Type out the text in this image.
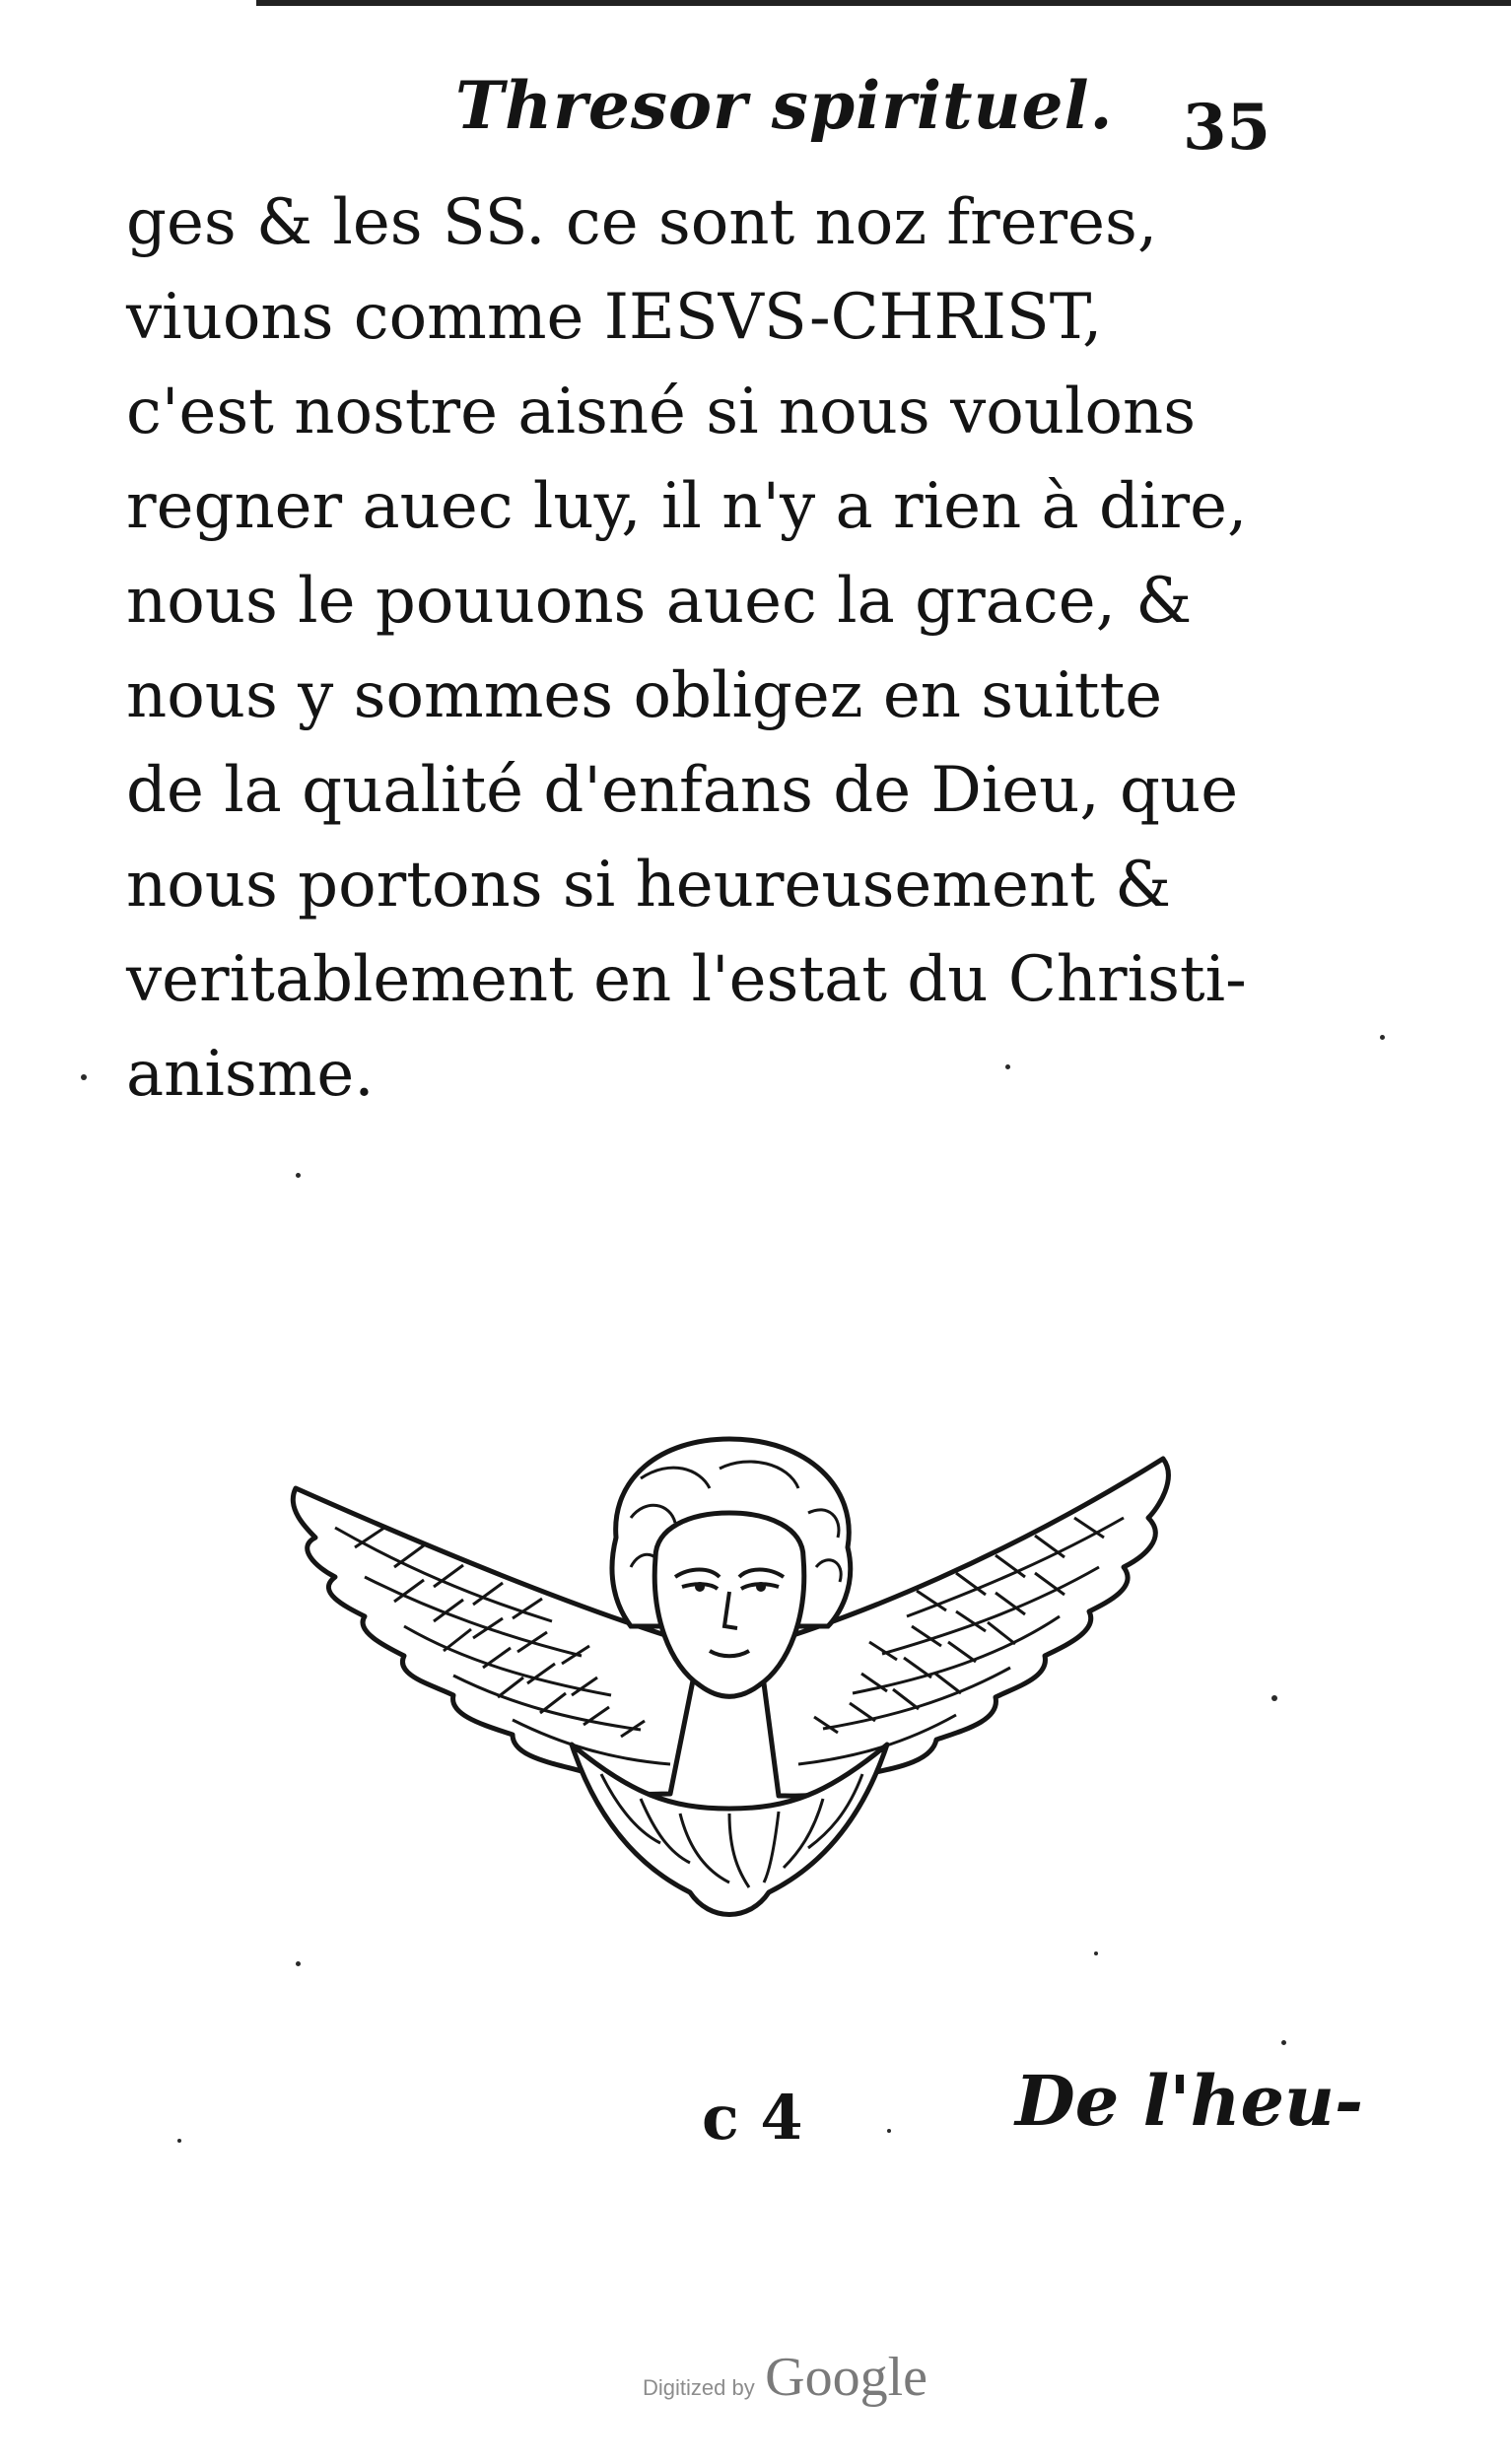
Thresor spirituel. 35

ges & les SS. ce sont noz freres,
viuons comme IESVS-CHRIST,
c'est nostre aisné si nous voulons
regner auec luy, il n'y a rien à dire,
nous le pouuons auec la grace, &
nous y sommes obligez en suitte
de la qualité d'enfans de Dieu, que
nous portons si heureusement &
veritablement en l'estat du Christi-
anisme.

c 4	De l'heu-
Digitized by Google
